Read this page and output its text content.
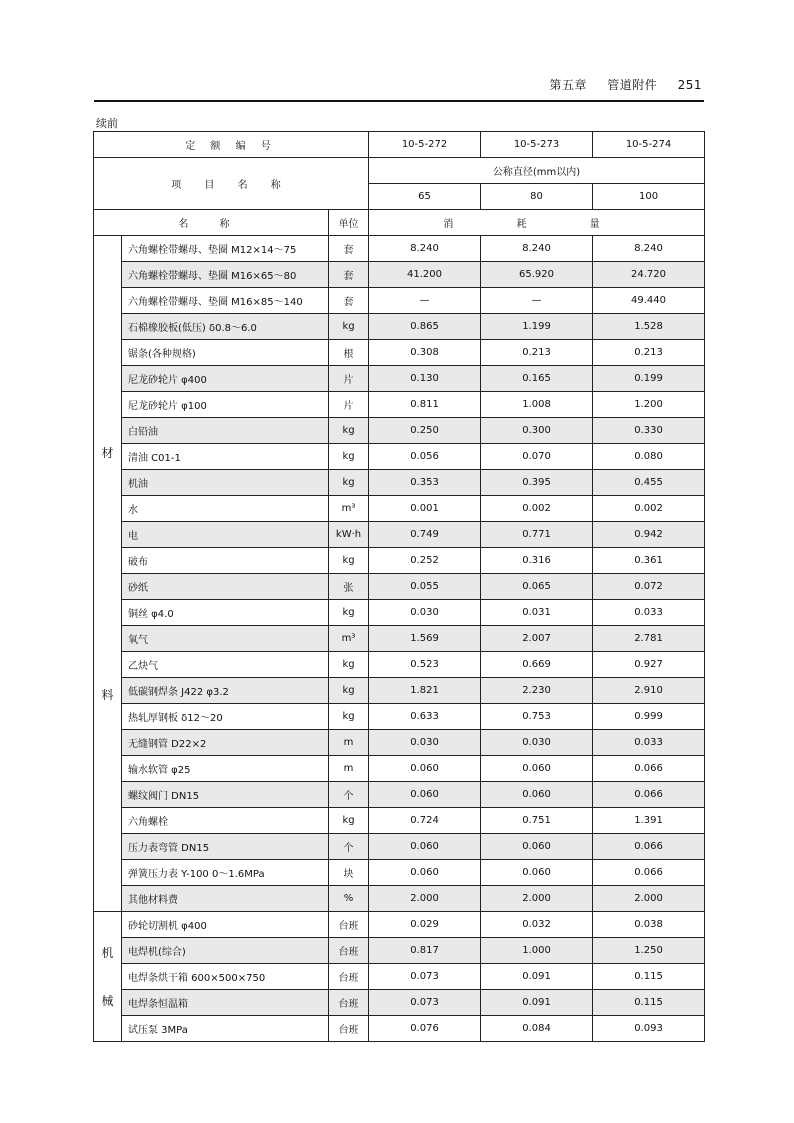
第五章 管道附件 251
续前
定 额 编 号			10-5-272	10-5-273	10-5-274
项 目 名 称			公称直径(mm以内)		
			65	80	100
名 称		单位	消 耗 量		

材
料	六角螺栓带螺母、垫圈 M12×14～75	套	8.240	8.240	8.240
	六角螺栓带螺母、垫圈 M16×65～80	套	41.200	65.920	24.720
	六角螺栓带螺母、垫圈 M16×85～140	套	—	—	49.440
	石棉橡胶板(低压) δ0.8～6.0	kg	0.865	1.199	1.528
	锯条(各种规格)	根	0.308	0.213	0.213
	尼龙砂轮片 φ400	片	0.130	0.165	0.199
	尼龙砂轮片 φ100	片	0.811	1.008	1.200
	白铅油	kg	0.250	0.300	0.330
	清油 C01-1	kg	0.056	0.070	0.080
	机油	kg	0.353	0.395	0.455
	水	m³	0.001	0.002	0.002
	电	kW·h	0.749	0.771	0.942
	破布	kg	0.252	0.316	0.361
	砂纸	张	0.055	0.065	0.072
	铜丝 φ4.0	kg	0.030	0.031	0.033
	氧气	m³	1.569	2.007	2.781
	乙炔气	kg	0.523	0.669	0.927
	低碳钢焊条 J422 φ3.2	kg	1.821	2.230	2.910
	热轧厚钢板 δ12～20	kg	0.633	0.753	0.999
	无缝钢管 D22×2	m	0.030	0.030	0.033
	输水软管 φ25	m	0.060	0.060	0.066
	螺纹阀门 DN15	个	0.060	0.060	0.066
	六角螺栓	kg	0.724	0.751	1.391
	压力表弯管 DN15	个	0.060	0.060	0.066
	弹簧压力表 Y-100 0～1.6MPa	块	0.060	0.060	0.066
	其他材料费	%	2.000	2.000	2.000

机
械	砂轮切割机 φ400	台班	0.029	0.032	0.038
	电焊机(综合)	台班	0.817	1.000	1.250
	电焊条烘干箱 600×500×750	台班	0.073	0.091	0.115
	电焊条恒温箱	台班	0.073	0.091	0.115
	试压泵 3MPa	台班	0.076	0.084	0.093
